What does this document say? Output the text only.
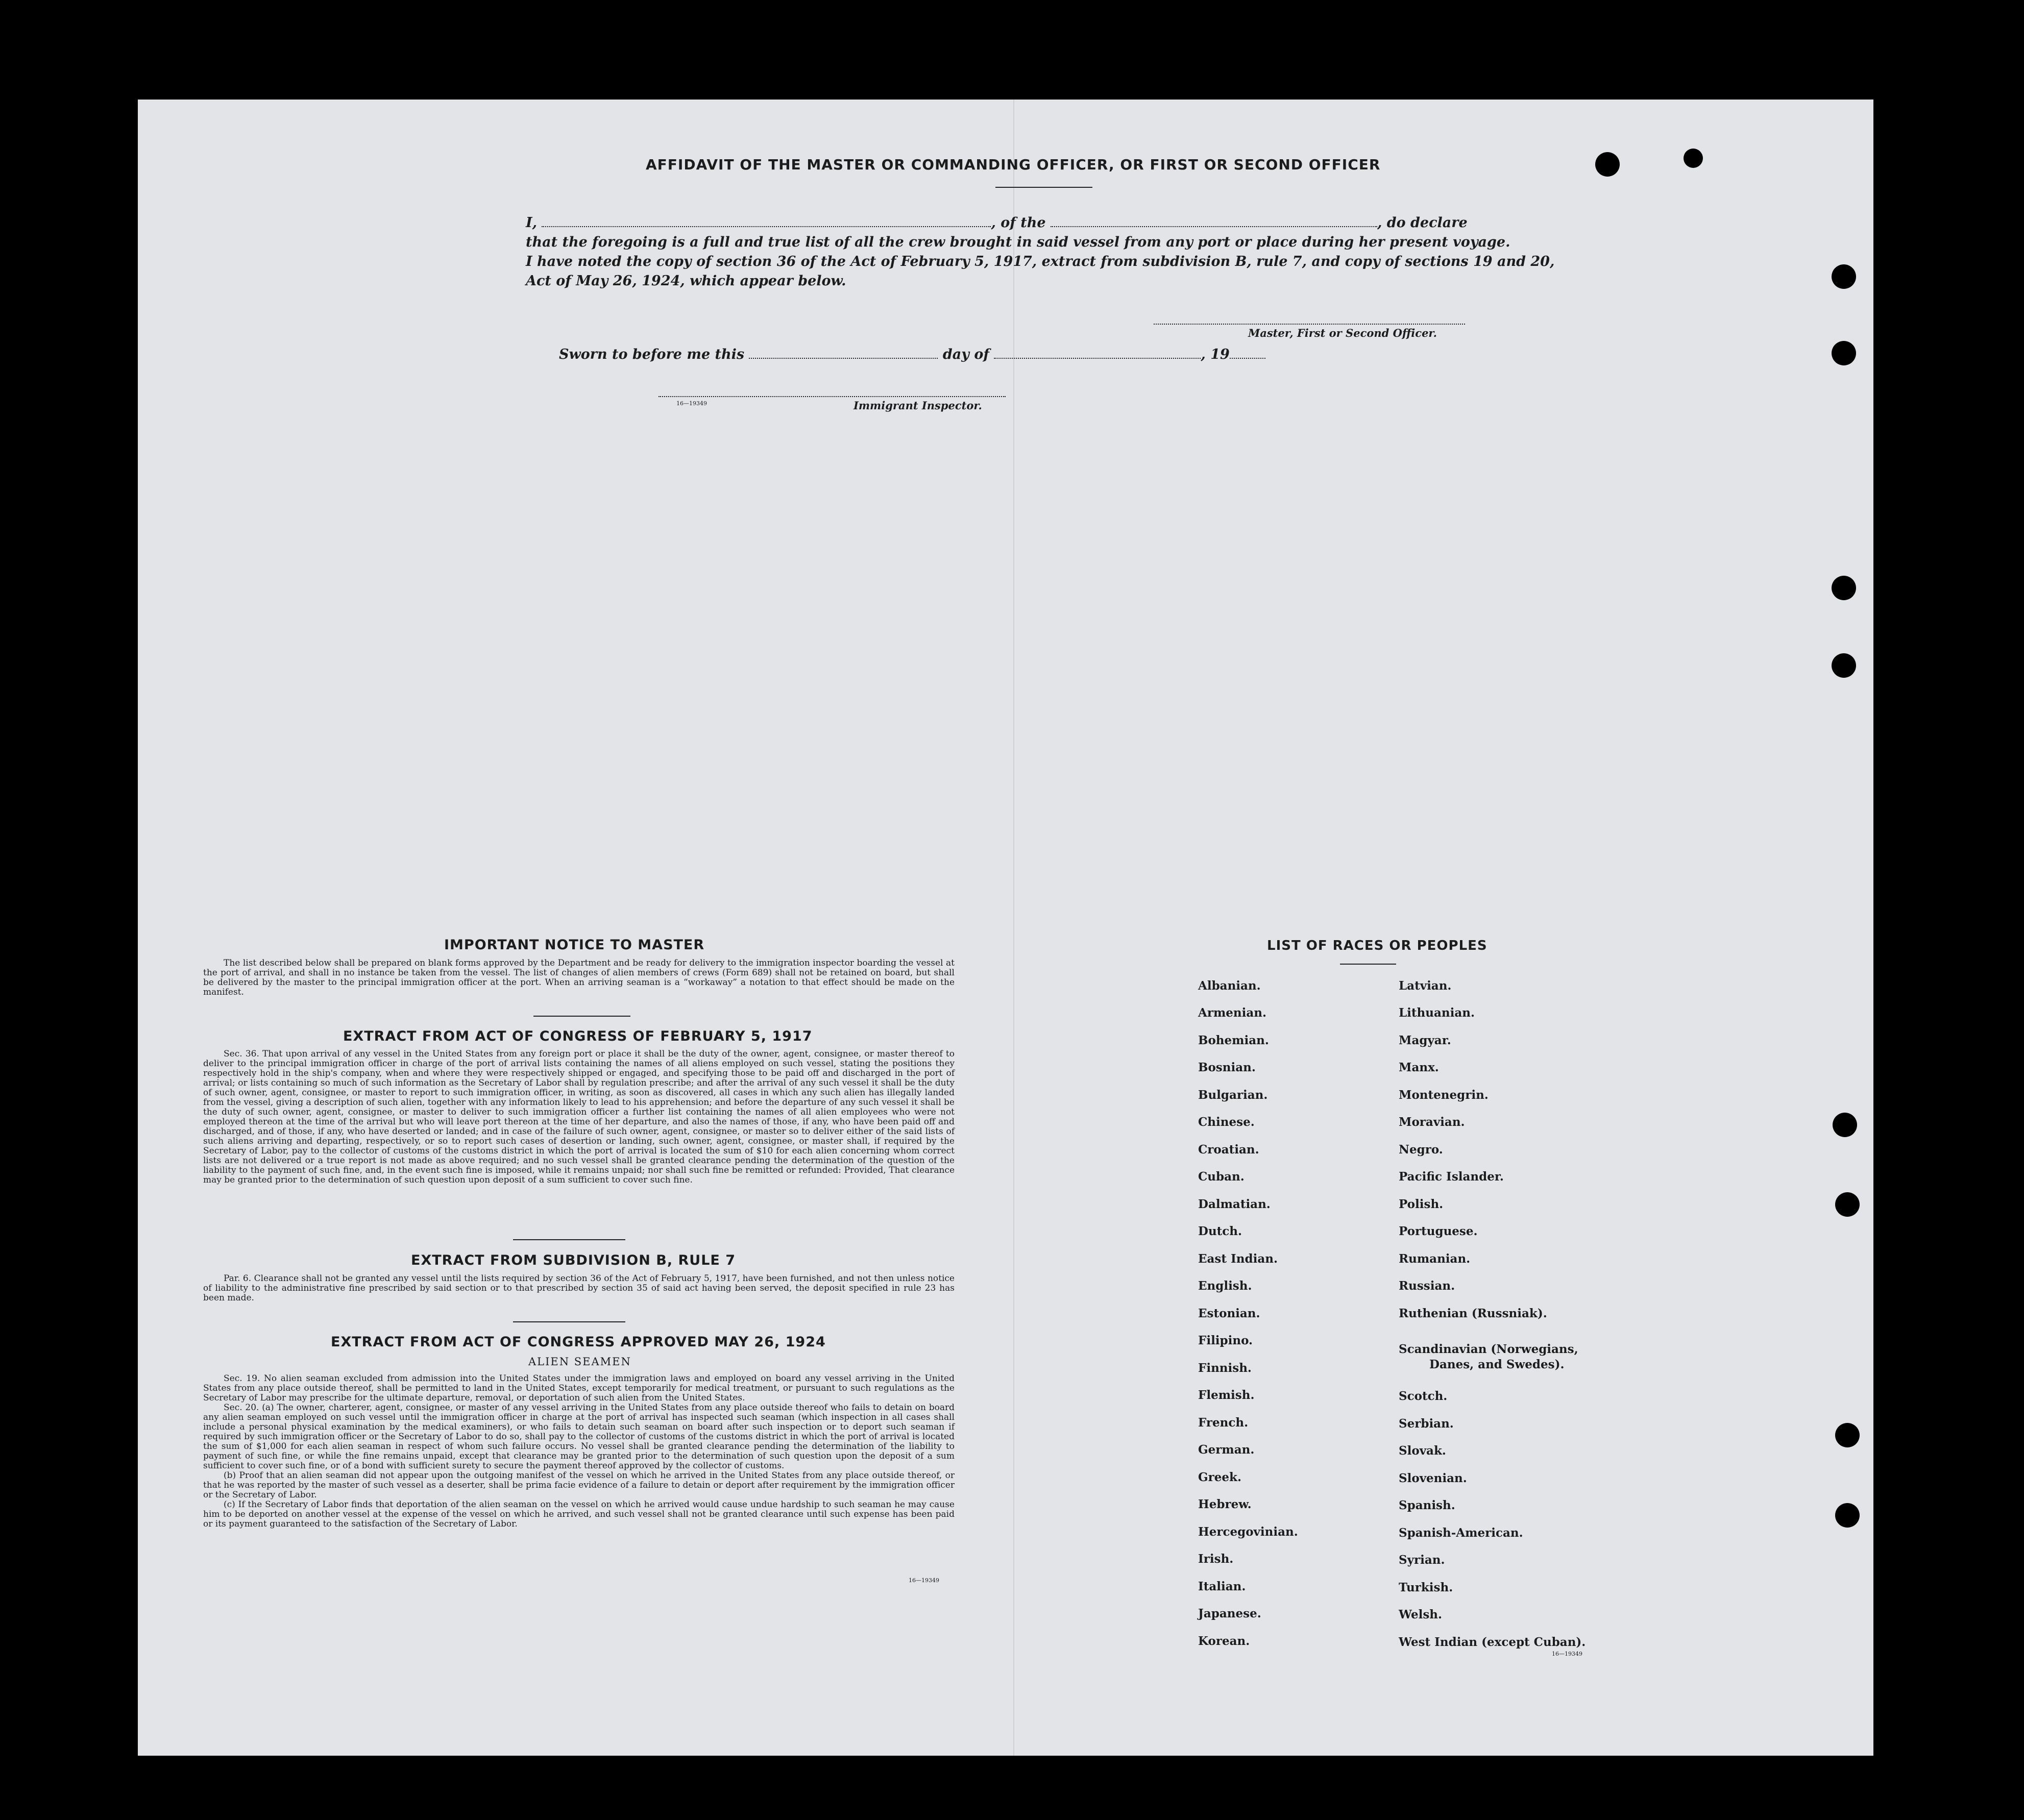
AFFIDAVIT OF THE MASTER OR COMMANDING OFFICER, OR FIRST OR SECOND OFFICER
I,	, of the	, do declare
that the foregoing is a full and true list of all the crew brought in said vessel from any port or place during her present voyage.
I have noted the copy of section 36 of the Act of February 5, 1917, extract from subdivision B, rule 7, and copy of sections 19 and 20,
Act of May 26, 1924, which appear below.
Master, First or Second Officer.
Sworn to before me this	day of	, 19
16—19349	Immigrant Inspector.
IMPORTANT NOTICE TO MASTER

The list described below shall be prepared on blank forms approved by the Department and be ready for delivery to the immigration inspector boarding the vessel at the port of arrival, and shall in no instance be taken from the vessel. The list of changes of alien members of crews (Form 689) shall not be retained on board, but shall be delivered by the master to the principal immigration officer at the port. When an arriving seaman is a “workaway” a notation to that effect should be made on the manifest.

EXTRACT FROM ACT OF CONGRESS OF FEBRUARY 5, 1917

Sec. 36. That upon arrival of any vessel in the United States from any foreign port or place it shall be the duty of the owner, agent, consignee, or master thereof to deliver to the principal immigration officer in charge of the port of arrival lists containing the names of all aliens employed on such vessel, stating the positions they respectively hold in the ship's company, when and where they were respectively shipped or engaged, and specifying those to be paid off and discharged in the port of arrival; or lists containing so much of such information as the Secretary of Labor shall by regulation prescribe; and after the arrival of any such vessel it shall be the duty of such owner, agent, consignee, or master to report to such immigration officer, in writing, as soon as discovered, all cases in which any such alien has illegally landed from the vessel, giving a description of such alien, together with any information likely to lead to his apprehension; and before the departure of any such vessel it shall be the duty of such owner, agent, consignee, or master to deliver to such immigration officer a further list containing the names of all alien employees who were not employed thereon at the time of the arrival but who will leave port thereon at the time of her departure, and also the names of those, if any, who have been paid off and discharged, and of those, if any, who have deserted or landed; and in case of the failure of such owner, agent, consignee, or master so to deliver either of the said lists of such aliens arriving and departing, respectively, or so to report such cases of desertion or landing, such owner, agent, consignee, or master shall, if required by the Secretary of Labor, pay to the collector of customs of the customs district in which the port of arrival is located the sum of $10 for each alien concerning whom correct lists are not delivered or a true report is not made as above required; and no such vessel shall be granted clearance pending the determination of the question of the liability to the payment of such fine, and, in the event such fine is imposed, while it remains unpaid; nor shall such fine be remitted or refunded: Provided, That clearance may be granted prior to the determination of such question upon deposit of a sum sufficient to cover such fine.

EXTRACT FROM SUBDIVISION B, RULE 7

Par. 6. Clearance shall not be granted any vessel until the lists required by section 36 of the Act of February 5, 1917, have been furnished, and not then unless notice of liability to the administrative fine prescribed by said section or to that prescribed by section 35 of said act having been served, the deposit specified in rule 23 has been made.

EXTRACT FROM ACT OF CONGRESS APPROVED MAY 26, 1924
ALIEN SEAMEN

Sec. 19. No alien seaman excluded from admission into the United States under the immigration laws and employed on board any vessel arriving in the United States from any place outside thereof, shall be permitted to land in the United States, except temporarily for medical treatment, or pursuant to such regulations as the Secretary of Labor may prescribe for the ultimate departure, removal, or deportation of such alien from the United States.

Sec. 20. (a) The owner, charterer, agent, consignee, or master of any vessel arriving in the United States from any place outside thereof who fails to detain on board any alien seaman employed on such vessel until the immigration officer in charge at the port of arrival has inspected such seaman (which inspection in all cases shall include a personal physical examination by the medical examiners), or who fails to detain such seaman on board after such inspection or to deport such seaman if required by such immigration officer or the Secretary of Labor to do so, shall pay to the collector of customs of the customs district in which the port of arrival is located the sum of $1,000 for each alien seaman in respect of whom such failure occurs. No vessel shall be granted clearance pending the determination of the liability to payment of such fine, or while the fine remains unpaid, except that clearance may be granted prior to the determination of such question upon the deposit of a sum sufficient to cover such fine, or of a bond with sufficient surety to secure the payment thereof approved by the collector of customs.

(b) Proof that an alien seaman did not appear upon the outgoing manifest of the vessel on which he arrived in the United States from any place outside thereof, or that he was reported by the master of such vessel as a deserter, shall be prima facie evidence of a failure to detain or deport after requirement by the immigration officer or the Secretary of Labor.

(c) If the Secretary of Labor finds that deportation of the alien seaman on the vessel on which he arrived would cause undue hardship to such seaman he may cause him to be deported on another vessel at the expense of the vessel on which he arrived, and such vessel shall not be granted clearance until such expense has been paid or its payment guaranteed to the satisfaction of the Secretary of Labor.

16—19349
LIST OF RACES OR PEOPLES
Albanian.
Armenian.
Bohemian.
Bosnian.
Bulgarian.
Chinese.
Croatian.
Cuban.
Dalmatian.
Dutch.
East Indian.
English.
Estonian.
Filipino.
Finnish.
Flemish.
French.
German.
Greek.
Hebrew.
Hercegovinian.
Irish.
Italian.
Japanese.
Korean.
Latvian.
Lithuanian.
Magyar.
Manx.
Montenegrin.
Moravian.
Negro.
Pacific Islander.
Polish.
Portuguese.
Rumanian.
Russian.
Ruthenian (Russniak).
Scandinavian (Norwegians,
Danes, and Swedes).
Scotch.
Serbian.
Slovak.
Slovenian.
Spanish.
Spanish-American.
Syrian.
Turkish.
Welsh.
West Indian (except Cuban).
16—19349
